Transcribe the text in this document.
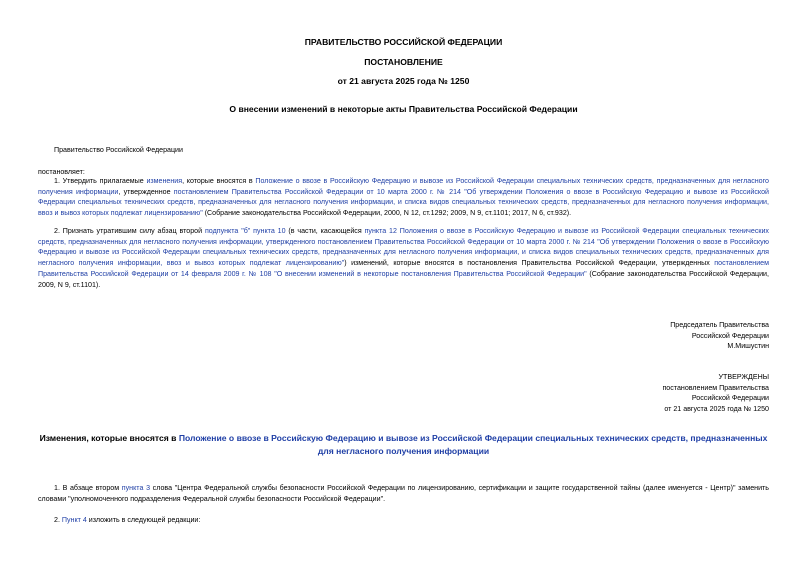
ПРАВИТЕЛЬСТВО РОССИЙСКОЙ ФЕДЕРАЦИИ
ПОСТАНОВЛЕНИЕ
от 21 августа 2025 года № 1250
О внесении изменений в некоторые акты Правительства Российской Федерации
Правительство Российской Федерации
постановляет:
1. Утвердить прилагаемые изменения, которые вносятся в Положение о ввозе в Российскую Федерацию и вывозе из Российской Федерации специальных технических средств, предназначенных для негласного получения информации, утвержденное постановлением Правительства Российской Федерации от 10 марта 2000 г. № 214 "Об утверждении Положения о ввозе в Российскую Федерацию и вывозе из Российской Федерации специальных технических средств, предназначенных для негласного получения информации, и списка видов специальных технических средств, предназначенных для негласного получения информации, ввоз и вывоз которых подлежат лицензированию" (Собрание законодательства Российской Федерации, 2000, N 12, ст.1292; 2009, N 9, ст.1101; 2017, N 6, ст.932).
2. Признать утратившим силу абзац второй подпункта "б" пункта 10 (в части, касающейся пункта 12 Положения о ввозе в Российскую Федерацию и вывозе из Российской Федерации специальных технических средств, предназначенных для негласного получения информации, утвержденного постановлением Правительства Российской Федерации от 10 марта 2000 г. № 214 "Об утверждении Положения о ввозе в Российскую Федерацию и вывозе из Российской Федерации специальных технических средств, предназначенных для негласного получения информации, и списка видов специальных технических средств, предназначенных для негласного получения информации, ввоз и вывоз которых подлежат лицензированию") изменений, которые вносятся в постановления Правительства Российской Федерации, утвержденных постановлением Правительства Российской Федерации от 14 февраля 2009 г. № 108 "О внесении изменений в некоторые постановления Правительства Российской Федерации" (Собрание законодательства Российской Федерации, 2009, N 9, ст.1101).
Председатель Правительства
Российской Федерации
М.Мишустин
УТВЕРЖДЕНЫ
постановлением Правительства
Российской Федерации
от 21 августа 2025 года № 1250
Изменения, которые вносятся в Положение о ввозе в Российскую Федерацию и вывозе из Российской Федерации специальных технических средств, предназначенных для негласного получения информации
1. В абзаце втором пункта 3 слова "Центра Федеральной службы безопасности Российской Федерации по лицензированию, сертификации и защите государственной тайны (далее именуется - Центр)" заменить словами "уполномоченного подразделения Федеральной службы безопасности Российской Федерации".
2. Пункт 4 изложить в следующей редакции:
